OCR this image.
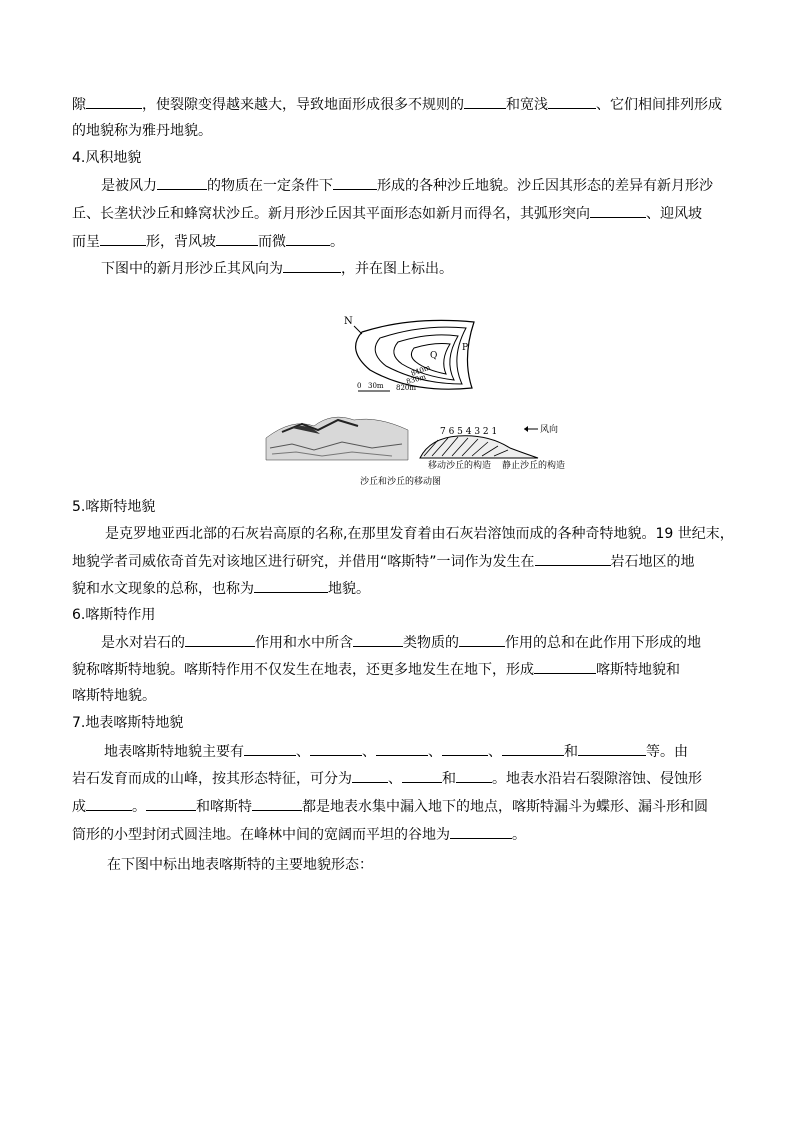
隙	，使裂隙变得越来越大，导致地面形成很多不规则的	和宽浅	、它们相间排列形成
的地貌称为雅丹地貌。
4.风积地貌
是被风力	的物质在一定条件下	形成的各种沙丘地貌。沙丘因其形态的差异有新月形沙
丘、长垄状沙丘和蜂窝状沙丘。新月形沙丘因其平面形态如新月而得名，其弧形突向	、迎风坡
而呈	形，背风坡	而微	。
下图中的新月形沙丘其风向为	，并在图上标出。
N
Q
P
840m
830m
820m
0 30m
7 6 5 4 3 2 1	风向
移动沙丘的构造 静止沙丘的构造
沙丘和沙丘的移动图
5.喀斯特地貌
是克罗地亚西北部的石灰岩高原的名称,在那里发育着由石灰岩溶蚀而成的各种奇特地貌。19 世纪末，
地貌学者司威依奇首先对该地区进行研究，并借用“喀斯特”一词作为发生在	岩石地区的地
貌和水文现象的总称，也称为	地貌。
6.喀斯特作用
是水对岩石的	作用和水中所含	类物质的	作用的总和在此作用下形成的地
貌称喀斯特地貌。喀斯特作用不仅发生在地表，还更多地发生在地下，形成	喀斯特地貌和
喀斯特地貌。
7.地表喀斯特地貌
地表喀斯特地貌主要有	、	、	、	、	和	等。由
岩石发育而成的山峰，按其形态特征，可分为	、	和	。地表水沿岩石裂隙溶蚀、侵蚀形
成	。	和喀斯特	都是地表水集中漏入地下的地点，喀斯特漏斗为蝶形、漏斗形和圆
筒形的小型封闭式圆洼地。在峰林中间的宽阔而平坦的谷地为	。
在下图中标出地表喀斯特的主要地貌形态：
